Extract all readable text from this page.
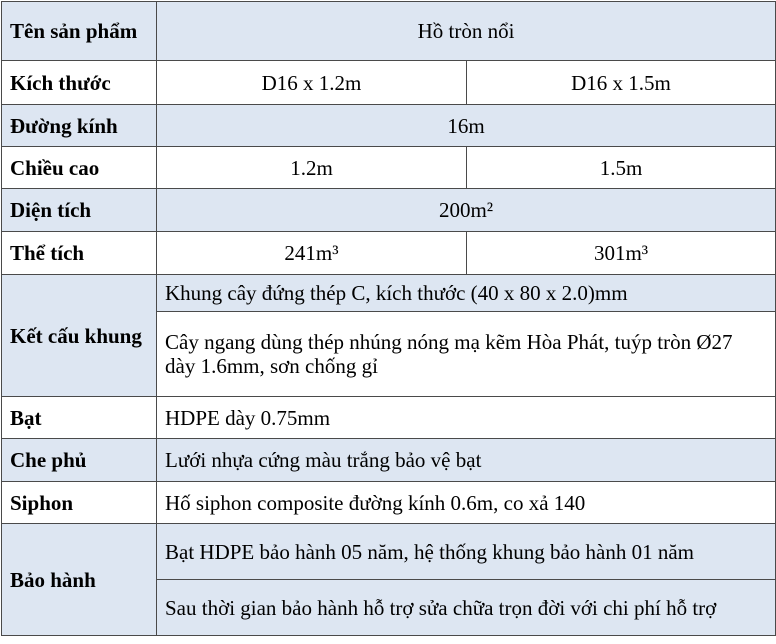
Tên sản phẩm	Hồ tròn nổi	
Kích thước	D16 x 1.2m	D16 x 1.5m
Đường kính	16m	
Chiều cao	1.2m	1.5m
Diện tích	200m²	
Thể tích	241m³	301m³
Kết cấu khung	Khung cây đứng thép C, kích thước (40 x 80 x 2.0)mm	
	Cây ngang dùng thép nhúng nóng mạ kẽm Hòa Phát, tuýp tròn Ø27 dày 1.6mm, sơn chống gỉ	
Bạt	HDPE dày 0.75mm	
Che phủ	Lưới nhựa cứng màu trắng bảo vệ bạt	
Siphon	Hố siphon composite đường kính 0.6m, co xả 140	
Bảo hành	Bạt HDPE bảo hành 05 năm, hệ thống khung bảo hành 01 năm	
	Sau thời gian bảo hành hỗ trợ sửa chữa trọn đời với chi phí hỗ trợ	
